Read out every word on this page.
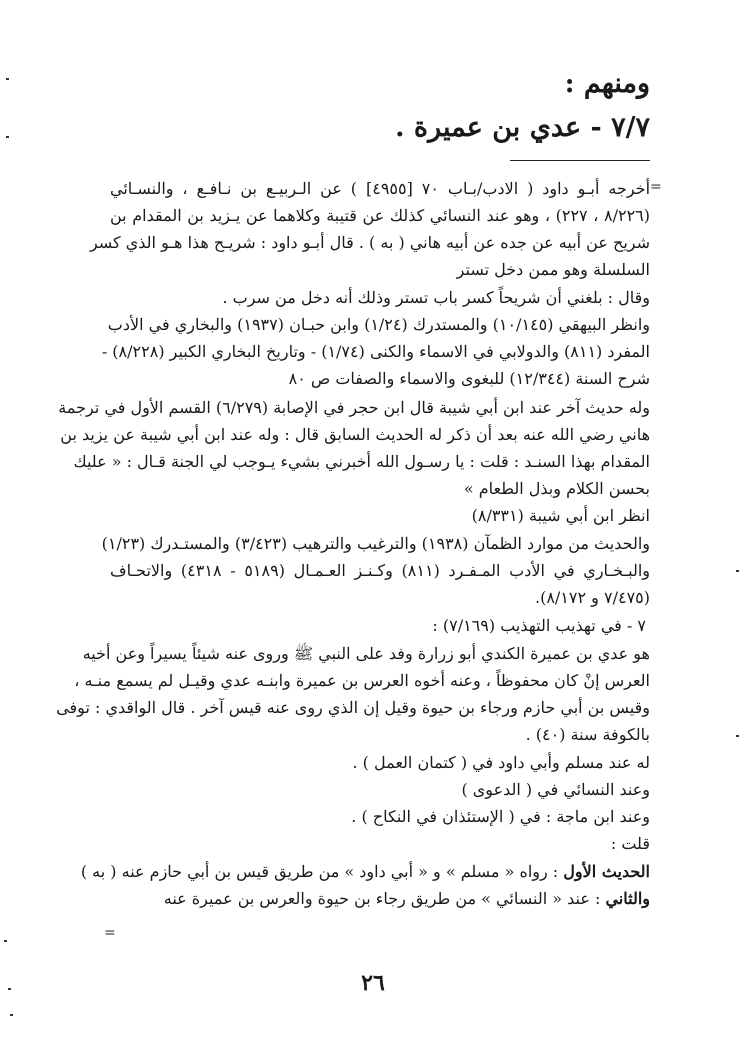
ومنهم :
٧/٧ - عدي بن عميرة .
=
أخرجه أبـو داود ( الادب/بـاب ٧٠ [٤٩٥٥] ) عن الـربيـع بن نـافـع ، والنسـائي
(٨/٢٢٦ ، ٢٢٧) ، وهو عند النسائي كذلك عن قتيبة وكلاهما عن يـزيد بن المقدام بن
شريح عن أبيه عن جده عن أبيه هاني ( به ) . قال أبـو داود : شريـح هذا هـو الذي كسر
السلسلة وهو ممن دخل تستر
وقال : بلغني أن شريحاً كسر باب تستر وذلك أنه دخل من سرب .
وانظر البيهقي (١٠/١٤٥) والمستدرك (١/٢٤) وابن حبـان (١٩٣٧) والبخاري في الأدب
المفرد (٨١١) والدولابي في الاسماء والكنى (١/٧٤) - وتاريخ البخاري الكبير (٨/٢٢٨) -
شرح السنة (١٢/٣٤٤) للبغوى والاسماء والصفات ص ٨٠
وله حديث آخر عند ابن أبي شيبة قال ابن حجر في الإصابة (٦/٢٧٩) القسم الأول في ترجمة
هاني رضي الله عنه بعد أن ذكر له الحديث السابق قال : وله عند ابن أبي شيبة عن يزيد بن
المقدام بهذا السنـد : قلت : يا رسـول الله أخبرني بشيء يـوجب لي الجنة قـال : « عليك
بحسن الكلام وبذل الطعام »
انظر ابن أبي شيبة (٨/٣٣١)
والحديث من موارد الظمآن (١٩٣٨) والترغيب والترهيب (٣/٤٢٣) والمستـدرك (١/٢٣)
والبـخـاري في الأدب المـفـرد (٨١١) وكـنـز العـمـال (٥١٨٩ - ٤٣١٨) والاتحـاف
(٧/٤٧٥ و ٨/١٧٢).
٧ - في تهذيب التهذيب (٧/١٦٩) :
هو عدي بن عميرة الكندي أبو زرارة وفد على النبي ﷺ وروى عنه شيئاً يسيراً وعن أخيه
العرس إنْ كان محفوظاً ، وعنه أخوه العرس بن عميرة وابنـه عدي وقيـل لم يسمع منـه ،
وقيس بن أبي حازم ورجاء بن حيوة وقيل إن الذي روى عنه قيس آخر . قال الواقدي : توفى
بالكوفة سنة (٤٠) .
له عند مسلم وأبي داود في ( كتمان العمل ) .
وعند النسائي في ( الدعوى )
وعند ابن ماجة : في ( الإستئذان في النكاح ) .
قلت :
الحديث الأول : رواه « مسلم » و « أبي داود » من طريق قيس بن أبي حازم عنه ( به )
والثاني : عند « النسائي » من طريق رجاء بن حيوة والعرس بن عميرة عنه
=
٢٦
